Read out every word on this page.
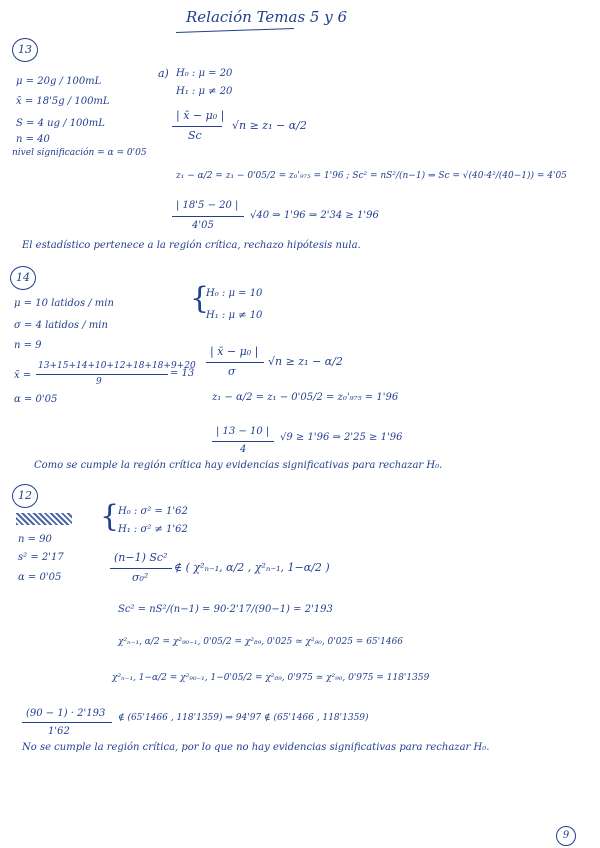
Relación Temas 5 y 6
13
μ = 20g / 100mL
x̄ = 18'5g / 100mL
S = 4 ug / 100mL
n = 40
nivel significación = α = 0'05
a) H₀ : μ = 20
H₁ : μ ≠ 20
| x̄ − μ₀ |
Sc
√n ≥ z₁ − α/2
z₁ − α/2 = z₁ − 0'05/2 = z₀'₉₇₅ = 1'96 ; Sc² = nS²/(n−1) ⇒ Sc = √(40·4²/(40−1)) = 4'05
| 18'5 − 20 |
4'05
√40 ⇒ 1'96 ⇒ 2'34 ≥ 1'96
El estadístico pertenece a la región crítica, rechazo hipótesis nula.
14
μ = 10 latidos / min
σ = 4 latidos / min
n = 9
x̄ =
13+15+14+10+12+18+18+9+20
9
= 13
α = 0'05
{
H₀ : μ = 10
H₁ : μ ≠ 10
| x̄ − μ₀ |
σ
√n ≥ z₁ − α/2
z₁ − α/2 = z₁ − 0'05/2 = z₀'₉₇₅ = 1'96
| 13 − 10 |
4
√9 ≥ 1'96 ⇒ 2'25 ≥ 1'96
Como se cumple la región crítica hay evidencias significativas para rechazar H₀.
12
n = 90
s² = 2'17
α = 0'05
{
H₀ : σ² = 1'62
H₁ : σ² ≠ 1'62
(n−1) Sc²
σ₀²
∉ ( χ²ₙ₋₁, α/2 , χ²ₙ₋₁, 1−α/2 )
Sc² = nS²/(n−1) = 90·2'17/(90−1) = 2'193
χ²ₙ₋₁, α/2 = χ²₉₀₋₁, 0'05/2 = χ²₈₉, 0'025 ≃ χ²₉₀, 0'025 = 65'1466
χ²ₙ₋₁, 1−α/2 = χ²₉₀₋₁, 1−0'05/2 = χ²₈₉, 0'975 ≃ χ²₉₀, 0'975 = 118'1359
(90 − 1) · 2'193
1'62
∉ (65'1466 , 118'1359) ⇒ 94'97 ∉ (65'1466 , 118'1359)
No se cumple la región crítica, por lo que no hay evidencias significativas para rechazar H₀.
9
